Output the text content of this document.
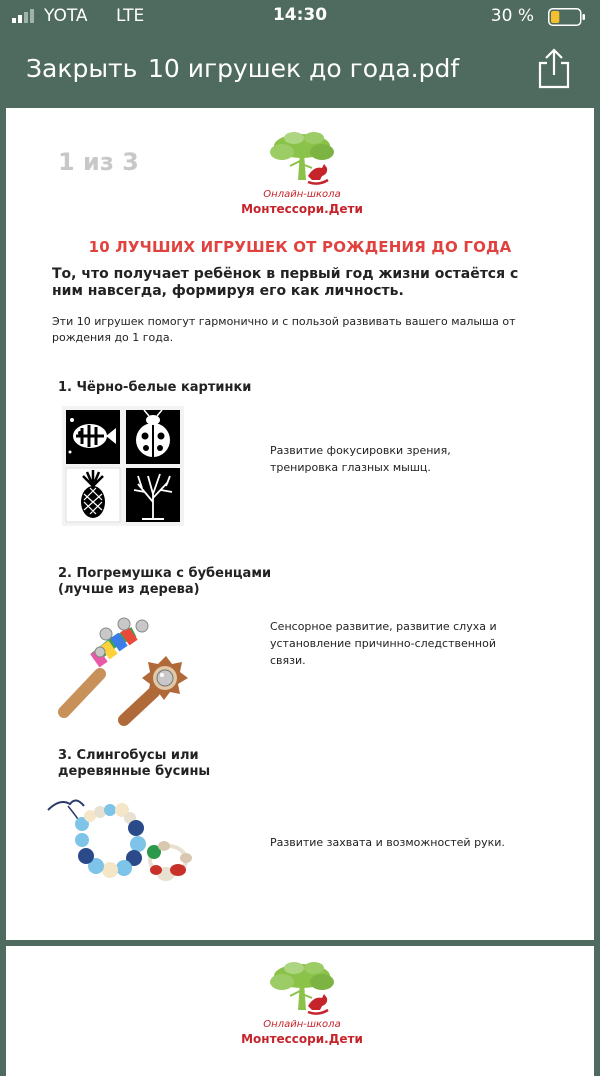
YOTA LTE	14:30	30 %
Закрыть 10 игрушек до года.pdf
1 из 3
Онлайн-школа
Монтессори.Дети
10 ЛУЧШИХ ИГРУШЕК ОТ РОЖДЕНИЯ ДО ГОДА
То, что получает ребёнок в первый год жизни остаётся с ним навсегда, формируя его как личность.
Эти 10 игрушек помогут гармонично и с пользой развивать вашего малыша от рождения до 1 года.
1. Чёрно-белые картинки
Развитие фокусировки зрения,
тренировка глазных мышц.
2. Погремушка с бубенцами
(лучше из дерева)
Сенсорное развитие, развитие слуха и
установление причинно-следственной
связи.
3. Слингобусы или
деревянные бусины
Развитие захвата и возможностей руки.
Онлайн-школа
Монтессори.Дети
